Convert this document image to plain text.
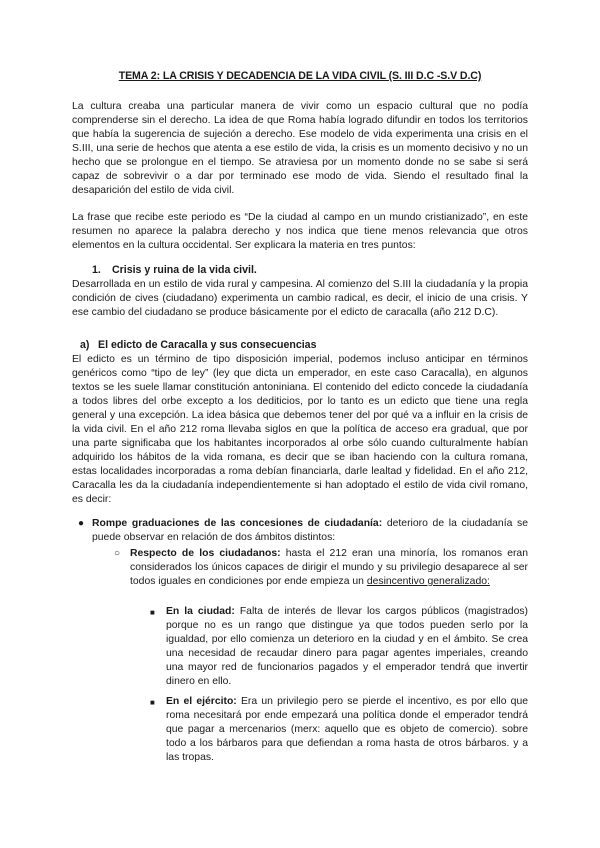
TEMA 2: LA CRISIS Y DECADENCIA DE LA VIDA CIVIL (S. III D.C -S.V D.C)

La cultura creaba una particular manera de vivir como un espacio cultural que no podía comprenderse sin el derecho. La idea de que Roma había logrado difundir en todos los territorios que había la sugerencia de sujeción a derecho. Ese modelo de vida experimenta una crisis en el S.III, una serie de hechos que atenta a ese estilo de vida, la crisis es un momento decisivo y no un hecho que se prolongue en el tiempo. Se atraviesa por un momento donde no se sabe si será capaz de sobrevivir o a dar por terminado ese modo de vida. Siendo el resultado final la desaparición del estilo de vida civil.

La frase que recibe este periodo es “De la ciudad al campo en un mundo cristianizado”, en este resumen no aparece la palabra derecho y nos indica que tiene menos relevancia que otros elementos en la cultura occidental. Ser explicara la materia en tres puntos:

1. Crisis y ruina de la vida civil.

Desarrollada en un estilo de vida rural y campesina. Al comienzo del S.III la ciudadanía y la propia condición de cives (ciudadano) experimenta un cambio radical, es decir, el inicio de una crisis. Y ese cambio del ciudadano se produce básicamente por el edicto de caracalla (año 212 D.C).

a) El edicto de Caracalla y sus consecuencias

El edicto es un término de tipo disposición imperial, podemos incluso anticipar en términos genéricos como “tipo de ley” (ley que dicta un emperador, en este caso Caracalla), en algunos textos se les suele llamar constitución antoniniana. El contenido del edicto concede la ciudadanía a todos libres del orbe excepto a los dediticios, por lo tanto es un edicto que tiene una regla general y una excepción. La idea básica que debemos tener del por qué va a influir en la crisis de la vida civil. En el año 212 roma llevaba siglos en que la política de acceso era gradual, que por una parte significaba que los habitantes incorporados al orbe sólo cuando culturalmente habían adquirido los hábitos de la vida romana, es decir que se iban haciendo con la cultura romana, estas localidades incorporadas a roma debían financiarla, darle lealtad y fidelidad. En el año 212, Caracalla les da la ciudadanía independientemente si han adoptado el estilo de vida civil romano, es decir:

● Rompe graduaciones de las concesiones de ciudadanía: deterioro de la ciudadanía se puede observar en relación de dos ámbitos distintos:
○ Respecto de los ciudadanos: hasta el 212 eran una minoría, los romanos eran considerados los únicos capaces de dirigir el mundo y su privilegio desaparece al ser todos iguales en condiciones por ende empieza un desincentivo generalizado:
■ En la ciudad: Falta de interés de llevar los cargos públicos (magistrados) porque no es un rango que distingue ya que todos pueden serlo por la igualdad, por ello comienza un deterioro en la ciudad y en el ámbito. Se crea una necesidad de recaudar dinero para pagar agentes imperiales, creando una mayor red de funcionarios pagados y el emperador tendrá que invertir dinero en ello.
■ En el ejército: Era un privilegio pero se pierde el incentivo, es por ello que roma necesitará por ende empezará una política donde el emperador tendrá que pagar a mercenarios (merx: aquello que es objeto de comercio). sobre todo a los bárbaros para que defiendan a roma hasta de otros bárbaros. y a las tropas.
